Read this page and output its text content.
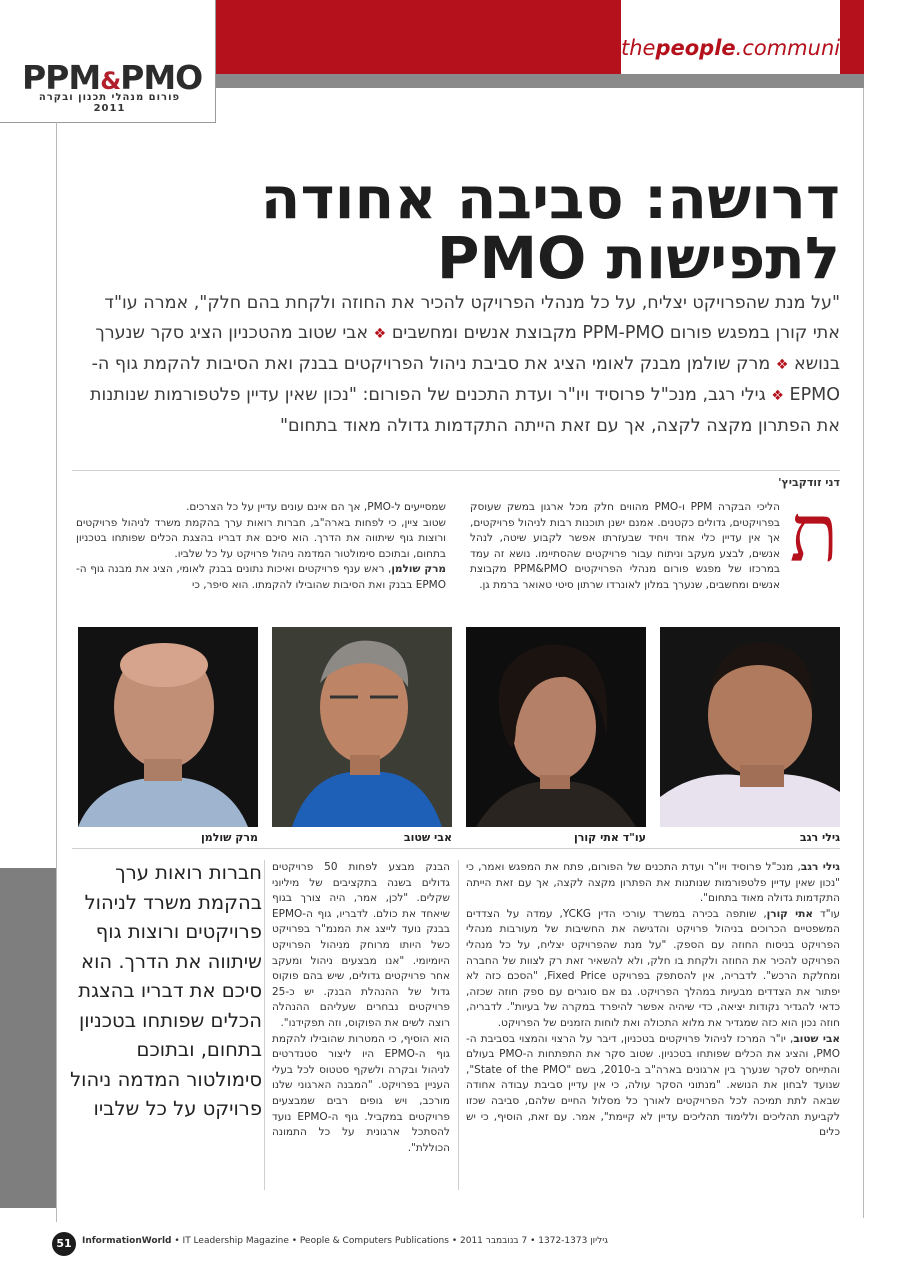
PPM&PMO
פורום מנהלי תכנון ובקרה 2011
thepeople.community
דרושה: סביבה אחודה
לתפישות PMO
"על מנת שהפרויקט יצליח, על כל מנהלי הפרויקט להכיר את החוזה ולקחת בהם חלק", אמרה עו"ד אתי קורן במפגש פורום PPM-PMO מקבוצת אנשים ומחשבים ❖ אבי שטוב מהטכניון הציג סקר שנערך בנושא ❖ מרק שולמן מבנק לאומי הציג את סביבת ניהול הפרויקטים בבנק ואת הסיבות להקמת גוף ה-EPMO ❖ גילי רגב, מנכ"ל פרוסיד ויו"ר ועדת התכנים של הפורום: "נכון שאין עדיין פלטפורמות שנותנות את הפתרון מקצה לקצה, אך עם זאת הייתה התקדמות גדולה מאוד בתחום"
דני זודקביץ'
ת
הליכי הבקרה PPM ו-PMO מהווים חלק מכל ארגון במשק שעוסק בפרויקטים, גדולים כקטנים. אמנם ישנן תוכנות רבות לניהול פרויקטים, אך אין עדיין כלי אחד ויחיד שבעזרתו אפשר לקבוע שיטה, לנהל אנשים, לבצע מעקב וניתוח עבור פרויקטים שהסתיימו. נושא זה עמד במרכזו של מפגש פורום מנהלי הפרויקטים PPM&PMO מקבוצת אנשים ומחשבים, שנערך במלון לאונרדו שרתון סיטי טאואר ברמת גן.
שמסייעים ל-PMO, אך הם אינם עונים עדיין על כל הצרכים.
שטוב ציין, כי לפחות בארה"ב, חברות רואות ערך בהקמת משרד לניהול פרויקטים ורוצות גוף שיתווה את הדרך. הוא סיכם את דבריו בהצגת הכלים שפותחו בטכניון בתחום, ובתוכם סימולטור המדמה ניהול פרויקט על כל שלביו.
מרק שולמן, ראש ענף פרויקטים ואיכות נתונים בבנק לאומי, הציג את מבנה גוף ה-EPMO בבנק ואת הסיבות שהובילו להקמתו. הוא סיפר, כי
גילי רגב
עו"ד אתי קורן
אבי שטוב
מרק שולמן
גילי רגב, מנכ"ל פרוסיד ויו"ר ועדת התכנים של הפורום, פתח את המפגש ואמר, כי "נכון שאין עדיין פלטפורמות שנותנות את הפתרון מקצה לקצה, אך עם זאת הייתה התקדמות גדולה מאוד בתחום".
עו"ד אתי קורן, שותפה בכירה במשרד עורכי הדין YCKG, עמדה על הצדדים המשפטיים הכרוכים בניהול פרויקט והדגישה את החשיבות של מעורבות מנהלי הפרויקט בניסוח החוזה עם הספק. "על מנת שהפרויקט יצליח, על כל מנהלי הפרויקט להכיר את החוזה ולקחת בו חלק, ולא להשאיר זאת רק לצוות של החברה ומחלקת הרכש". לדבריה, אין להסתפק בפרויקט Fixed Price, "הסכם כזה לא יפתור את הצדדים מבעיות במהלך הפרויקט. גם אם סוגרים עם ספק חוזה שכזה, כדאי להגדיר נקודות יציאה, כדי שיהיה אפשר להיפרד במקרה של בעיות". לדבריה, חוזה נכון הוא כזה שמגדיר את מלוא התכולה ואת לוחות הזמנים של הפרויקט.
אבי שטוב, יו"ר המרכז לניהול פרויקטים בטכניון, דיבר על הרצוי והמצוי בסביבת ה-PMO, והציג את הכלים שפותחו בטכניון. שטוב סקר את התפתחות ה-PMO בעולם והתייחס לסקר שנערך בין ארגונים בארה"ב ב-2010, בשם "State of the PMO", שנועד לבחון את הנושא. "מנתוני הסקר עולה, כי אין עדיין סביבת עבודה אחודה שבאה לתת תמיכה לכל הפרויקטים לאורך כל מסלול החיים שלהם, סביבה שכזו לקביעת תהליכים וללימוד תהליכים עדיין לא קיימת", אמר. עם זאת, הוסיף, כי יש כלים
הבנק מבצע לפחות 50 פרויקטים גדולים בשנה בתקציבים של מיליוני שקלים. "לכן, אמר, היה צורך בגוף שיאחד את כולם. לדבריו, גוף ה-EPMO בבנק נועד לייצג את המנמ"ר בפרויקט כשל היותו מרוחק מניהול הפרויקט היומיומי. "אנו מבצעים ניהול ומעקב אחר פרויקטים גדולים, שיש בהם פוקוס גדול של ההנהלת הבנק. יש כ-25 פרויקטים נבחרים שעליהם ההנהלה רוצה לשים את הפוקוס, וזה תפקידנו".
הוא הוסיף, כי המטרות שהובילו להקמת גוף ה-EPMO היו ליצור סטנדרטים לניהול ובקרה ולשקף סטטוס לכל בעלי העניין בפרויקט. "המבנה הארגוני שלנו מורכב, ויש גופים רבים שמבצעים פרויקטים במקביל. גוף ה-EPMO נועד להסתכל ארגונית על כל התמונה הכוללת".
חברות רואות ערך בהקמת משרד לניהול פרויקטים ורוצות גוף שיתווה את הדרך. הוא סיכם את דבריו בהצגת הכלים שפותחו בטכניון בתחום, ובתוכם סימולטור המדמה ניהול פרויקט על כל שלביו
51	InformationWorld • IT Leadership Magazine • People & Computers Publications • גיליון 1372-1373 • 7 בנובמבר 2011
